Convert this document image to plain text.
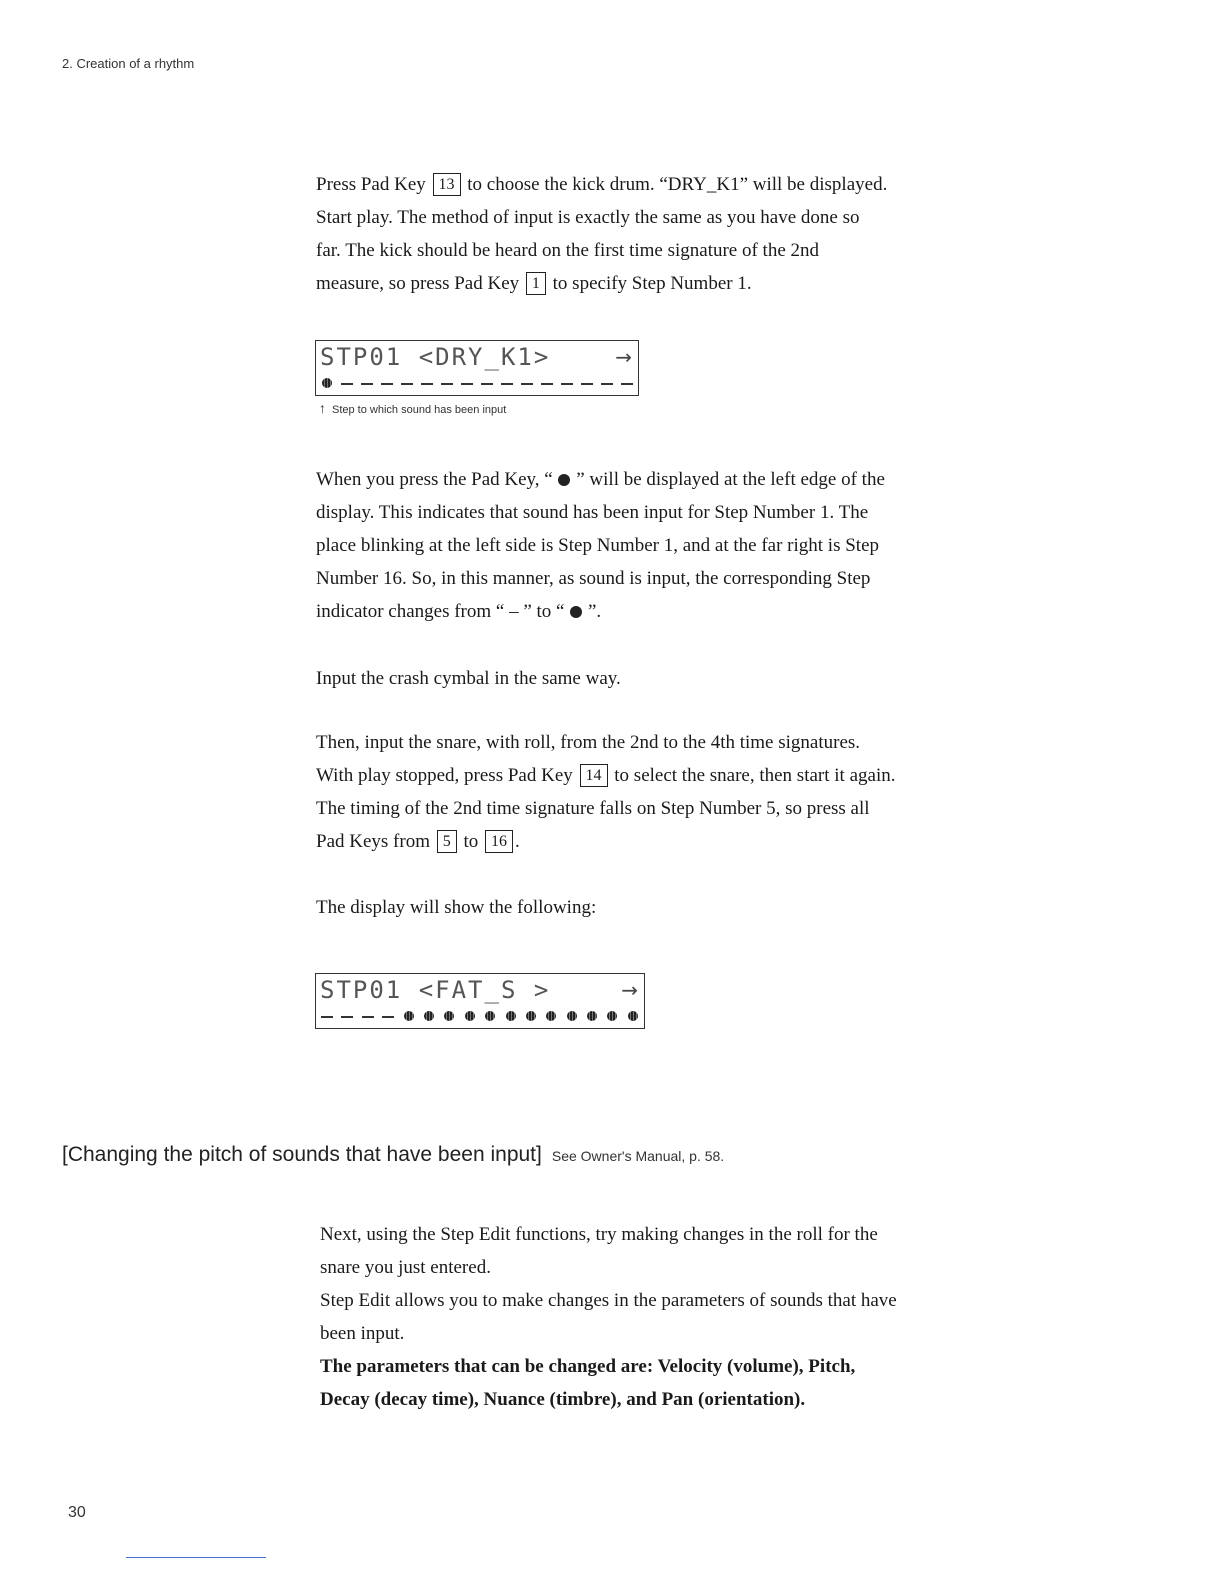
2. Creation of a rhythm
Press Pad Key 13 to choose the kick drum. “DRY_K1” will be displayed.
Start play. The method of input is exactly the same as you have done so
far. The kick should be heard on the first time signature of the 2nd
measure, so press Pad Key 1 to specify Step Number 1.
STP01 <DRY_K1>	→
↑ Step to which sound has been input
When you press the Pad Key, “ ” will be displayed at the left edge of the
display. This indicates that sound has been input for Step Number 1. The
place blinking at the left side is Step Number 1, and at the far right is Step
Number 16. So, in this manner, as sound is input, the corresponding Step
indicator changes from “ – ” to “ ”.
Input the crash cymbal in the same way.
Then, input the snare, with roll, from the 2nd to the 4th time signatures.
With play stopped, press Pad Key 14 to select the snare, then start it again.
The timing of the 2nd time signature falls on Step Number 5, so press all
Pad Keys from 5 to 16 .
The display will show the following:
STP01 <FAT_S >	→
[Changing the pitch of sounds that have been input] See Owner's Manual, p. 58.
Next, using the Step Edit functions, try making changes in the roll for the
snare you just entered.
Step Edit allows you to make changes in the parameters of sounds that have
been input.
The parameters that can be changed are: Velocity (volume), Pitch,
Decay (decay time), Nuance (timbre), and Pan (orientation).
30
